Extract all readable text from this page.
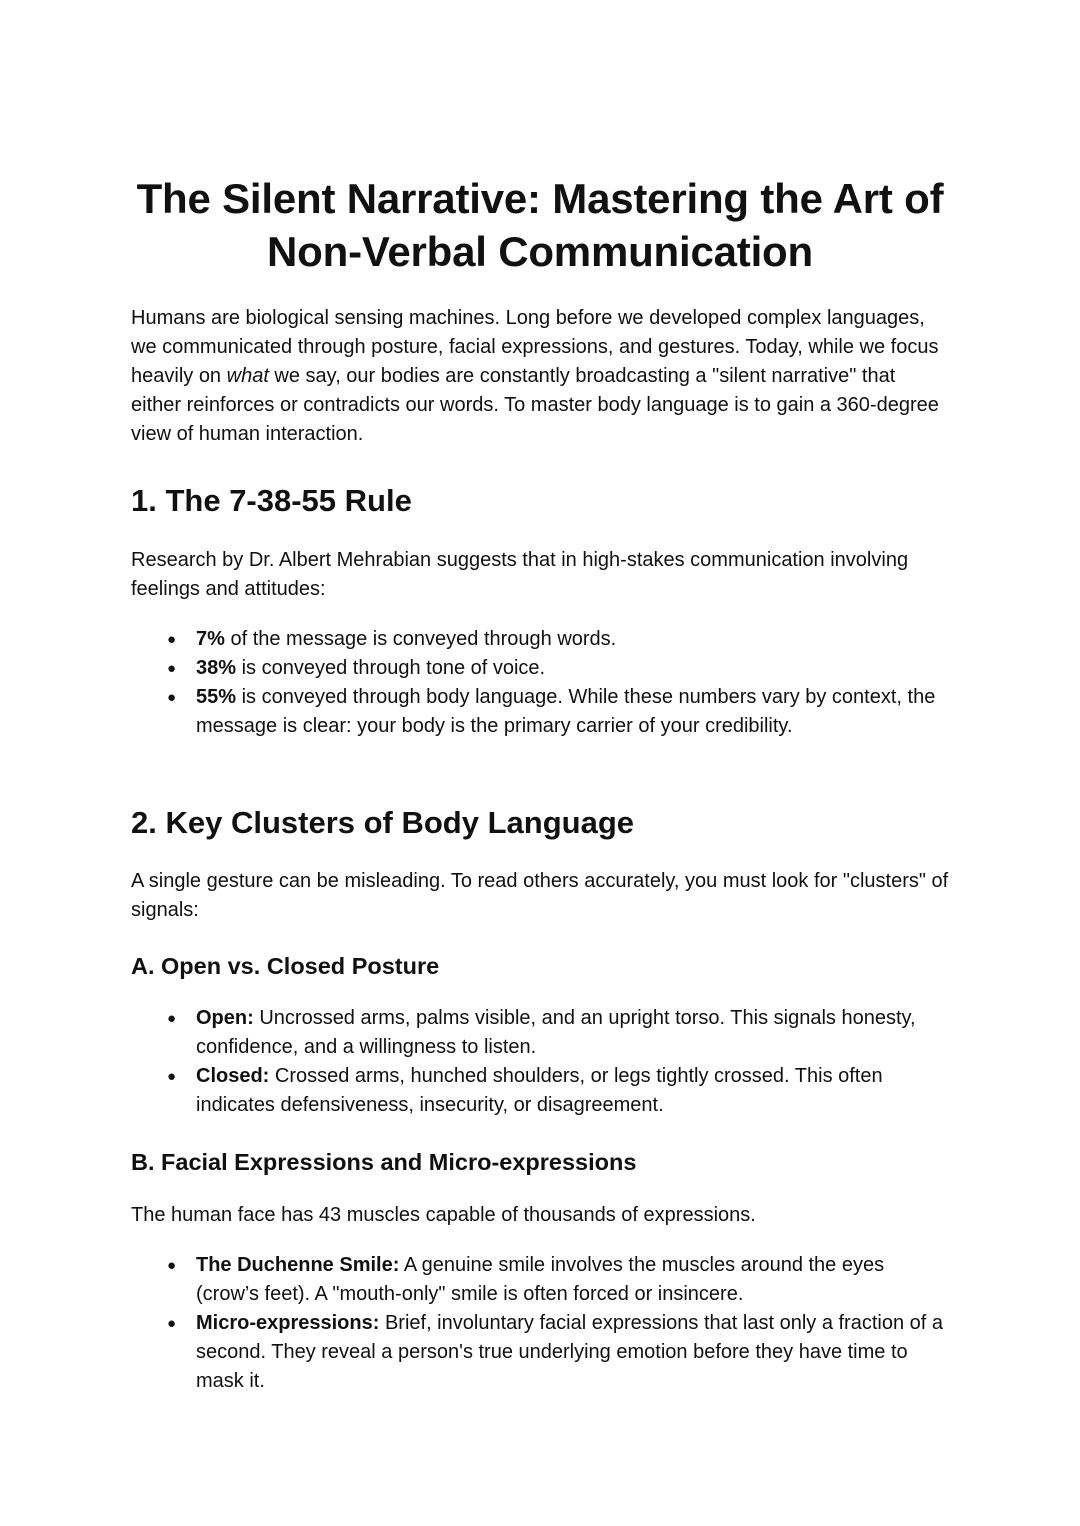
The Silent Narrative: Mastering the Art of Non-Verbal Communication

Humans are biological sensing machines. Long before we developed complex languages, we communicated through posture, facial expressions, and gestures. Today, while we focus heavily on what we say, our bodies are constantly broadcasting a "silent narrative" that either reinforces or contradicts our words. To master body language is to gain a 360-degree view of human interaction.

1. The 7-38-55 Rule

Research by Dr. Albert Mehrabian suggests that in high-stakes communication involving feelings and attitudes:

● 7% of the message is conveyed through words.
● 38% is conveyed through tone of voice.
● 55% is conveyed through body language. While these numbers vary by context, the message is clear: your body is the primary carrier of your credibility.
2. Key Clusters of Body Language

A single gesture can be misleading. To read others accurately, you must look for "clusters" of signals:

A. Open vs. Closed Posture
● Open: Uncrossed arms, palms visible, and an upright torso. This signals honesty, confidence, and a willingness to listen.
● Closed: Crossed arms, hunched shoulders, or legs tightly crossed. This often indicates defensiveness, insecurity, or disagreement.
B. Facial Expressions and Micro-expressions

The human face has 43 muscles capable of thousands of expressions.

● The Duchenne Smile: A genuine smile involves the muscles around the eyes (crow’s feet). A "mouth-only" smile is often forced or insincere.
● Micro-expressions: Brief, involuntary facial expressions that last only a fraction of a second. They reveal a person's true underlying emotion before they have time to mask it.
